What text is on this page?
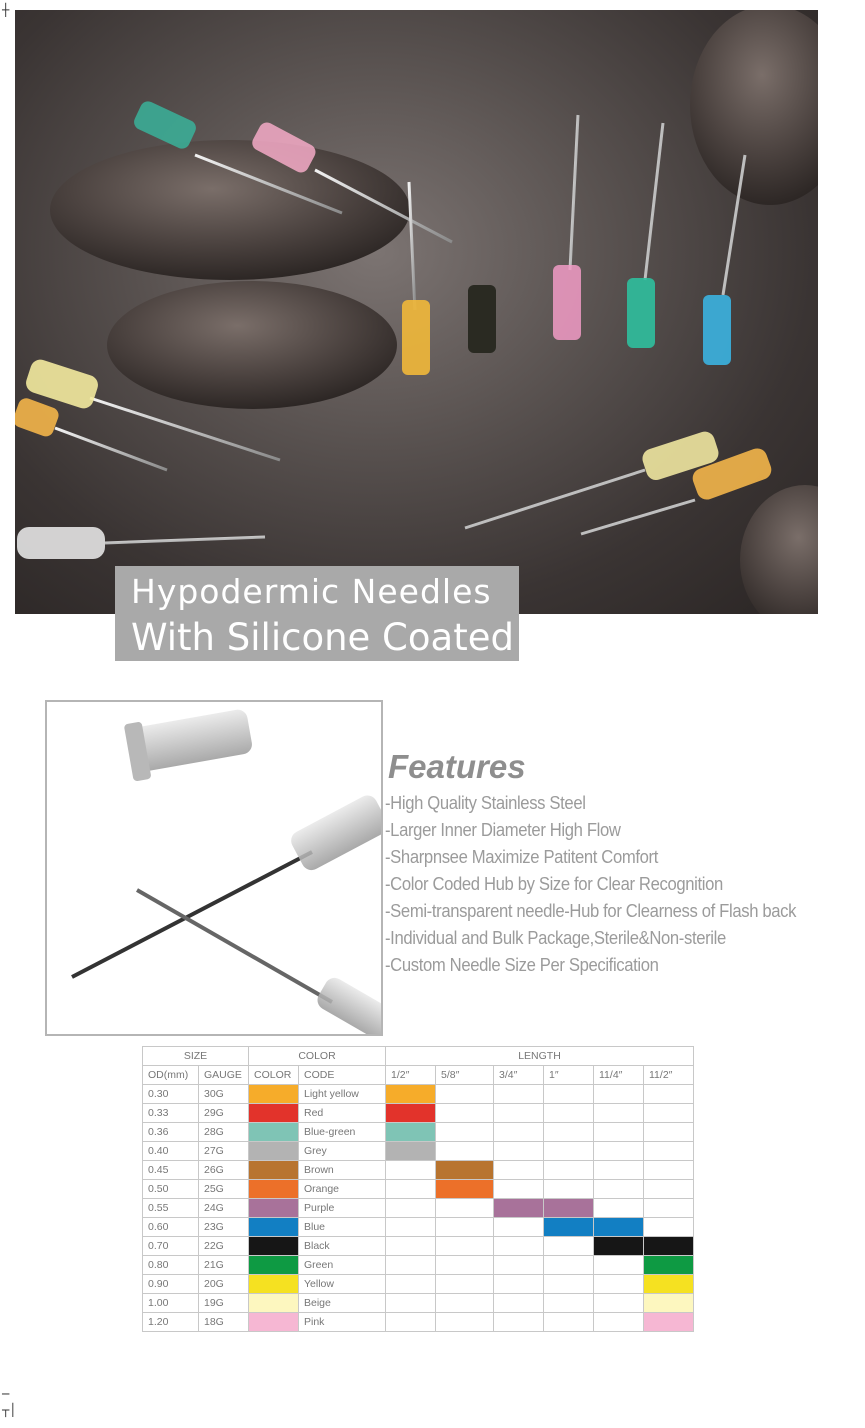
┼
─
┬│
Hypodermic Needles
With Silicone Coated
Features
-High Quality Stainless Steel
-Larger Inner Diameter High Flow
-Sharpnsee Maximize Patitent Comfort
-Color Coded Hub by Size for Clear Recognition
-Semi-transparent needle-Hub for Clearness of Flash back
-Individual and Bulk Package,Sterile&Non-sterile
-Custom Needle Size Per Specification
SIZE		COLOR		LENGTH					
OD(mm)	GAUGE	COLOR	CODE	1/2″	5/8″	3/4″	1″	11/4″	11/2″
0.30	30G		Light yellow						
0.33	29G		Red						
0.36	28G		Blue-green						
0.40	27G		Grey						
0.45	26G		Brown						
0.50	25G		Orange						
0.55	24G		Purple						
0.60	23G		Blue						
0.70	22G		Black						
0.80	21G		Green						
0.90	20G		Yellow						
1.00	19G		Beige						
1.20	18G		Pink						
